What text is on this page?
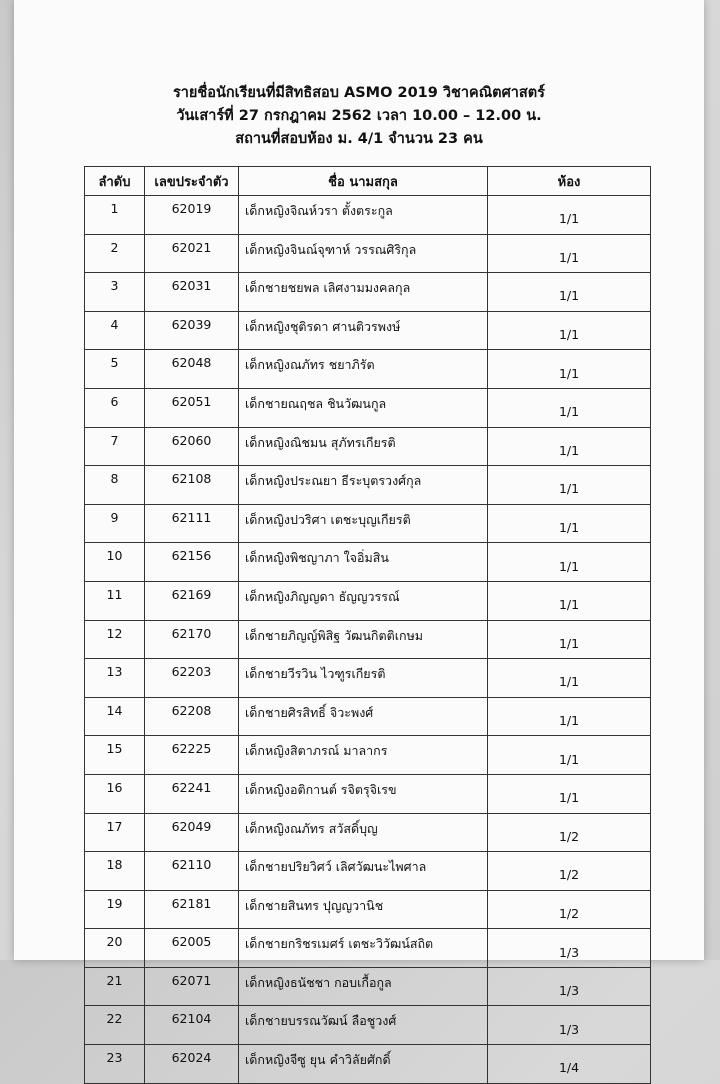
รายชื่อนักเรียนที่มีสิทธิสอบ ASMO 2019 วิชาคณิตศาสตร์
วันเสาร์ที่ 27 กรกฎาคม 2562 เวลา 10.00 – 12.00 น.
สถานที่สอบห้อง ม. 4/1 จำนวน 23 คน
ลำดับ	เลขประจำตัว	ชื่อ นามสกุล	ห้อง
1	62019	เด็กหญิงจิณห์วรา ตั้งตระกูล	1/1
2	62021	เด็กหญิงจินณ์จุฑาห์ วรรณศิริกุล	1/1
3	62031	เด็กชายชยพล เลิศงามมงคลกุล	1/1
4	62039	เด็กหญิงชุติรดา ศานติวรพงษ์	1/1
5	62048	เด็กหญิงณภัทร ชยาภิรัต	1/1
6	62051	เด็กชายณฤชล ชินวัฒนกูล	1/1
7	62060	เด็กหญิงณิชมน สุภัทรเกียรติ	1/1
8	62108	เด็กหญิงประณยา ธีระบุตรวงศ์กุล	1/1
9	62111	เด็กหญิงปวริศา เตชะบุญเกียรติ	1/1
10	62156	เด็กหญิงพิชญาภา ใจอิ่มสิน	1/1
11	62169	เด็กหญิงภิญญดา ธัญญวรรณ์	1/1
12	62170	เด็กชายภิญญ์พิสิฐ วัฒนกิตติเกษม	1/1
13	62203	เด็กชายวีรวิน ไวฑูรเกียรติ	1/1
14	62208	เด็กชายศิรสิทธิ์ จิวะพงศ์	1/1
15	62225	เด็กหญิงสิตาภรณ์ มาลากร	1/1
16	62241	เด็กหญิงอติกานต์ รจิตรุจิเรข	1/1
17	62049	เด็กหญิงณภัทร สวัสดิ์บุญ	1/2
18	62110	เด็กชายปริยวิศว์ เลิศวัฒนะไพศาล	1/2
19	62181	เด็กชายสินทร ปุญญวานิช	1/2
20	62005	เด็กชายกริชรเมศร์ เตชะวิวัฒน์สถิต	1/3
21	62071	เด็กหญิงธนัชชา กอบเกื้อกูล	1/3
22	62104	เด็กชายบรรณวัฒน์ ลือชูวงศ์	1/3
23	62024	เด็กหญิงจีซู ยุน คำวิลัยศักดิ์	1/4
